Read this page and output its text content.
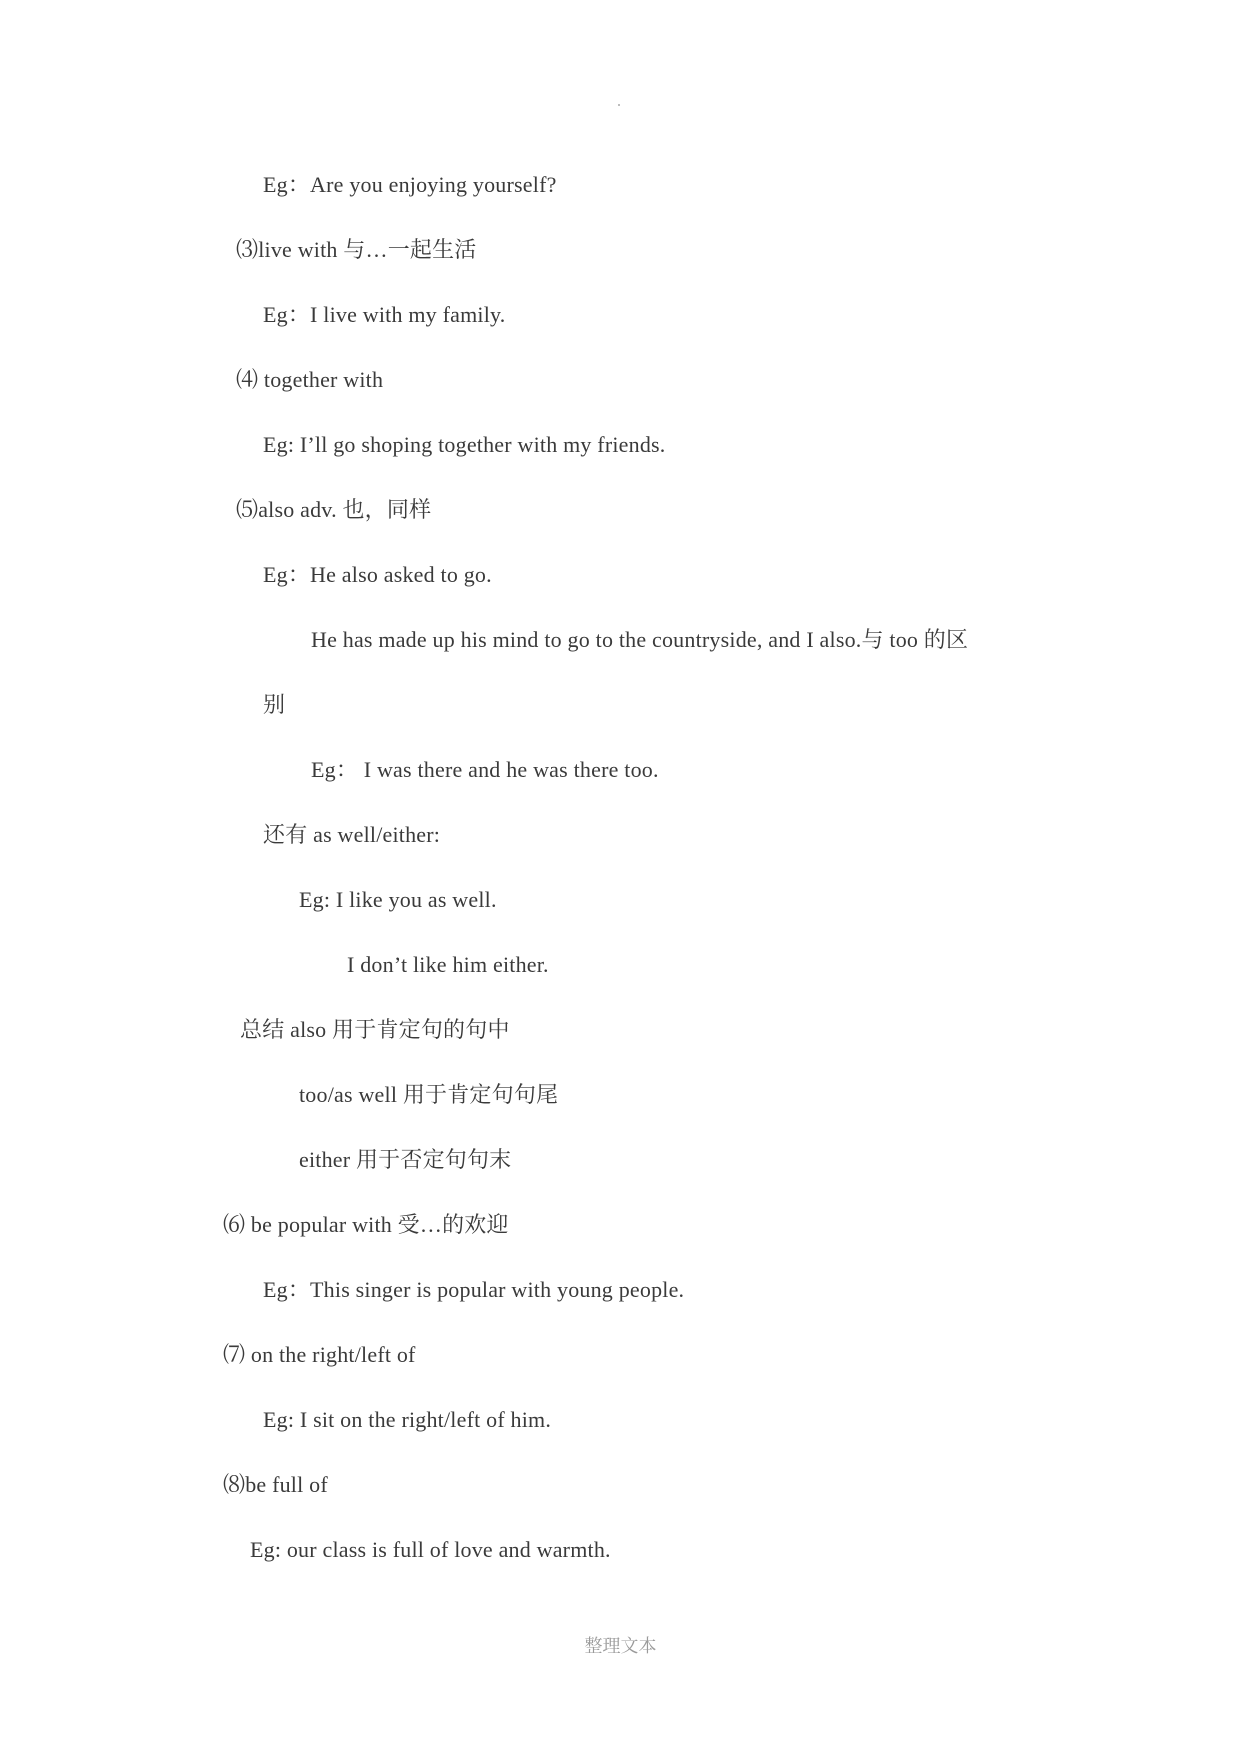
Eg：Are you enjoying yourself?
⑶live with 与…一起生活
Eg：I live with my family.
⑷ together with
Eg: I’ll go shoping together with my friends.
⑸also adv. 也，同样
Eg：He also asked to go.
He has made up his mind to go to the countryside, and I also.与 too 的区
别
Eg： I was there and he was there too.
还有 as well/either:
Eg: I like you as well.
I don’t like him either.
总结 also 用于肯定句的句中
too/as well 用于肯定句句尾
either 用于否定句句末
⑹ be popular with 受…的欢迎
Eg：This singer is popular with young people.
⑺ on the right/left of
Eg: I sit on the right/left of him.
⑻be full of
Eg: our class is full of love and warmth.
整理文本
